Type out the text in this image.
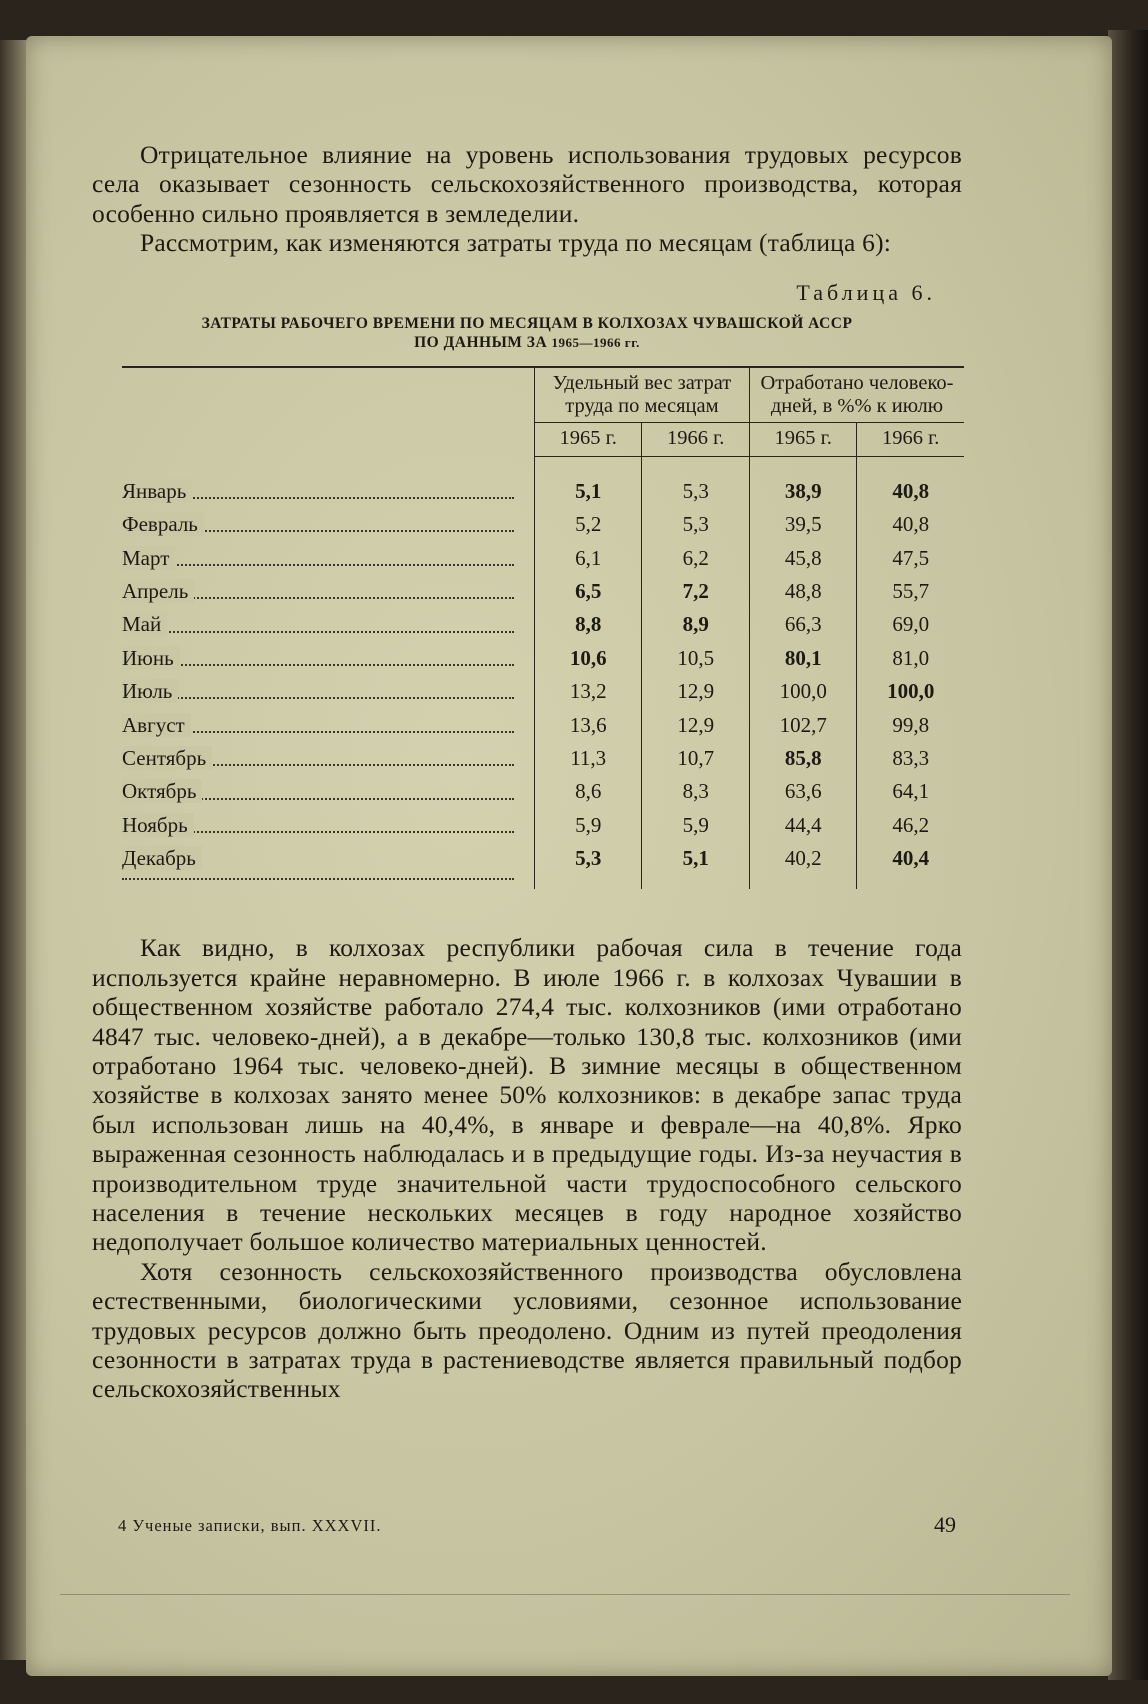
Отрицательное влияние на уровень использования трудовых ресурсов села оказывает сезонность сельскохозяйственного производства, которая особенно сильно проявляется в земледелии.

Рассмотрим, как изменяются затраты труда по месяцам (таблица 6):

Таблица 6.
ЗАТРАТЫ РАБОЧЕГО ВРЕМЕНИ ПО МЕСЯЦАМ В КОЛХОЗАХ ЧУВАШСКОЙ АССР
ПО ДАННЫМ ЗА 1965—1966 гг.
	Удельный вес затрат труда по месяцам		Отработано человеко-дней, в %% к июлю	
	1965 г.	1966 г.	1965 г.	1966 г.

Январь	5,1	5,3	38,9	40,8

Февраль	5,2	5,3	39,5	40,8

Март	6,1	6,2	45,8	47,5

Апрель	6,5	7,2	48,8	55,7

Май	8,8	8,9	66,3	69,0

Июнь	10,6	10,5	80,1	81,0

Июль	13,2	12,9	100,0	100,0

Август	13,6	12,9	102,7	99,8

Сентябрь	11,3	10,7	85,8	83,3

Октябрь	8,6	8,3	63,6	64,1

Ноябрь	5,9	5,9	44,4	46,2

Декабрь	5,3	5,1	40,2	40,4

Как видно, в колхозах республики рабочая сила в течение года используется крайне неравномерно. В июле 1966 г. в колхозах Чувашии в общественном хозяйстве работало 274,4 тыс. колхозников (ими отработано 4847 тыс. человеко-дней), а в декабре—только 130,8 тыс. колхозников (ими отработано 1964 тыс. человеко-дней). В зимние месяцы в общественном хозяйстве в колхозах занято менее 50% колхозников: в декабре запас труда был использован лишь на 40,4%, в январе и феврале—на 40,8%. Ярко выраженная сезонность наблюдалась и в предыдущие годы. Из-за неучастия в производительном труде значительной части трудоспособного сельского населения в течение нескольких месяцев в году народное хозяйство недополучает большое количество материальных ценностей.

Хотя сезонность сельскохозяйственного производства обусловлена естественными, биологическими условиями, сезонное использование трудовых ресурсов должно быть преодолено. Одним из путей преодоления сезонности в затратах труда в растениеводстве является правильный подбор сельскохозяйственных

4 Ученые записки, вып. XXXVII.	49
